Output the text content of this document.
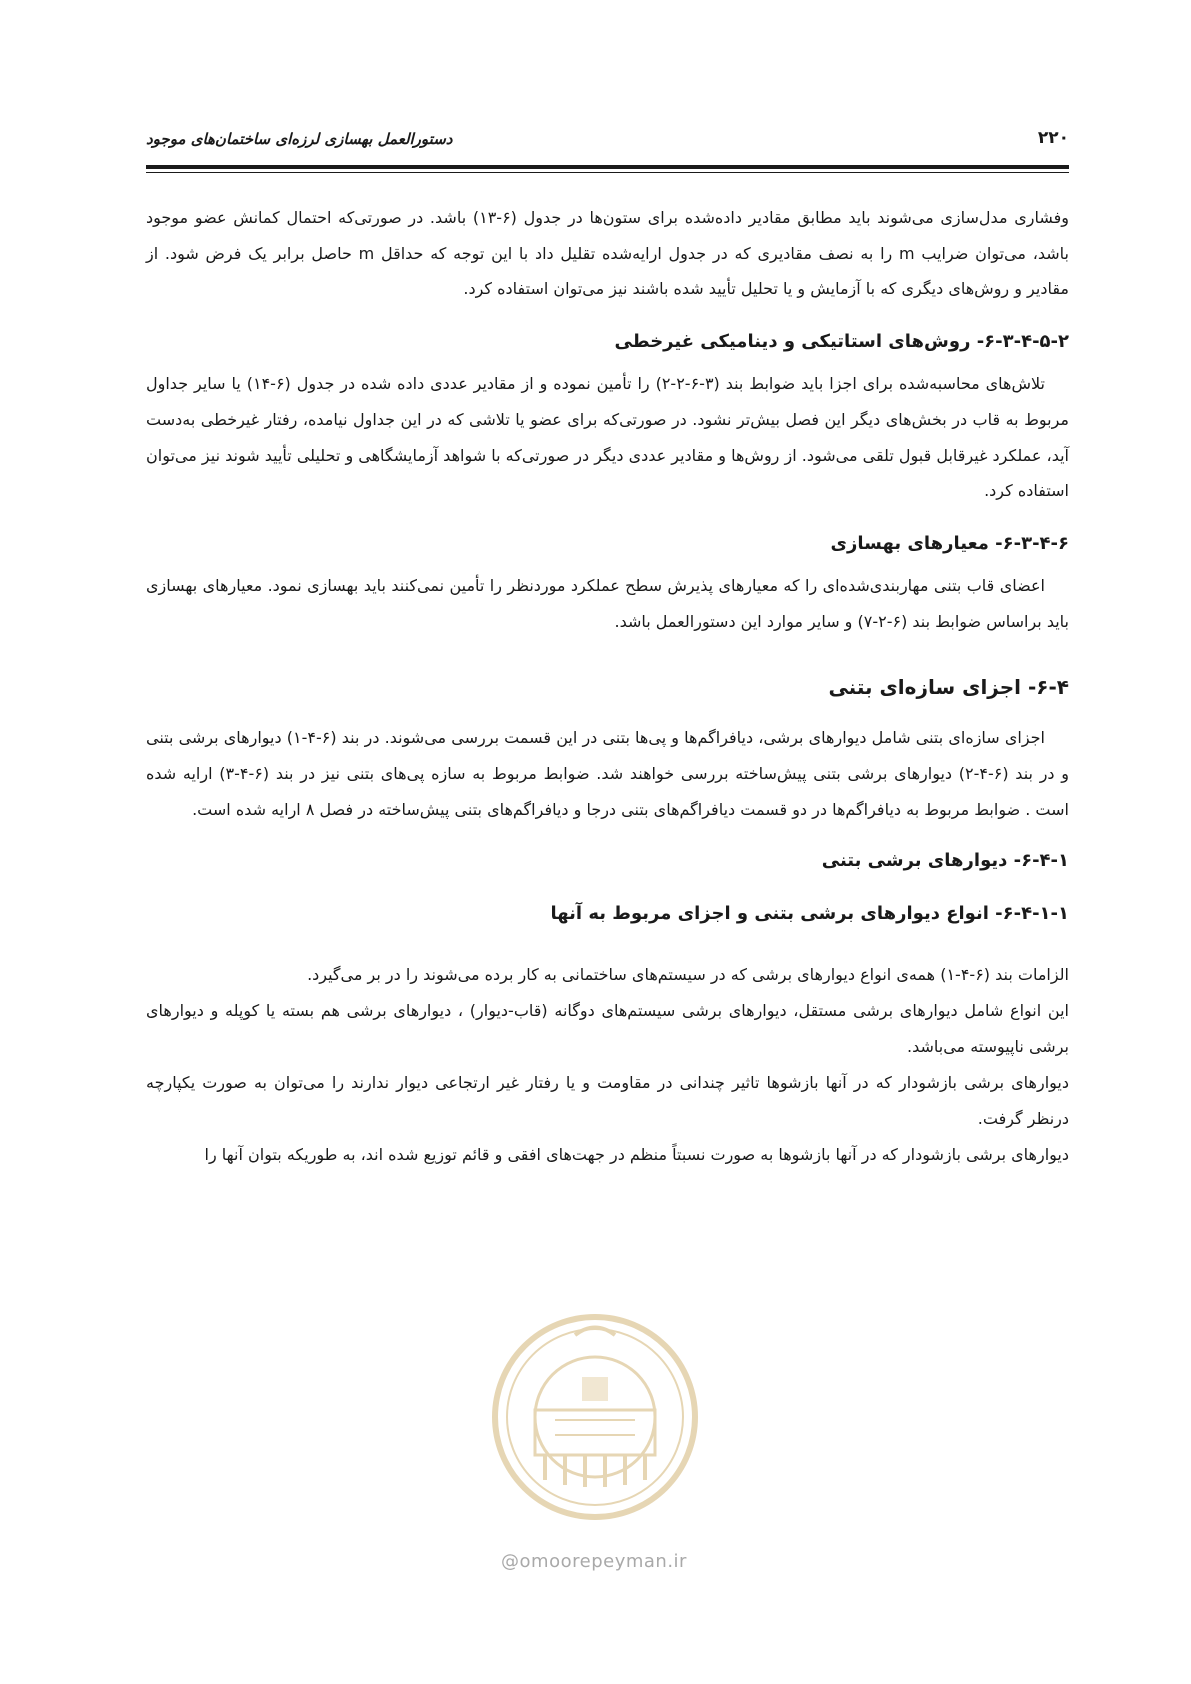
دستورالعمل بهسازی لرزه‌ای ساختمان‌های موجود	۲۲۰

وفشاری مدل‌سازی می‌شوند باید مطابق مقادیر داده‌شده برای ستون‌ها در جدول (۶-۱۳) باشد. در صورتی‌که احتمال کمانش عضو موجود باشد، می‌توان ضرایب m را به نصف مقادیری که در جدول ارایه‌شده تقلیل داد با این توجه که حداقل m حاصل برابر یک فرض شود. از مقادیر و روش‌های دیگری که با آزمایش و یا تحلیل تأیید شده باشند نیز می‌توان استفاده کرد.

۶-۳-۴-۵-۲- روش‌های استاتیکی و دینامیکی غیرخطی

تلاش‌های محاسبه‌شده برای اجزا باید ضوابط بند (۳-۶-۲-۲) را تأمین نموده و از مقادیر عددی داده شده در جدول (۶-۱۴) یا سایر جداول مربوط به قاب در بخش‌های دیگر این فصل بیش‌تر نشود. در صورتی‌که برای عضو یا تلاشی که در این جداول نیامده، رفتار غیرخطی به‌دست آید، عملکرد غیرقابل قبول تلقی می‌شود. از روش‌ها و مقادیر عددی دیگر در صورتی‌که با شواهد آزمایشگاهی و تحلیلی تأیید شوند نیز می‌توان استفاده کرد.

۶-۳-۴-۶- معیارهای بهسازی

اعضای قاب بتنی مهاربندی‌شده‌ای را که معیارهای پذیرش سطح عملکرد موردنظر را تأمین نمی‌کنند باید بهسازی نمود. معیارهای بهسازی باید براساس ضوابط بند (۶-۲-۷) و سایر موارد این دستورالعمل باشد.

۶-۴- اجزای سازه‌ای بتنی

اجزای سازه‌ای بتنی شامل دیوارهای برشی، دیافراگم‌ها و پی‌ها بتنی در این قسمت بررسی می‌شوند. در بند (۶-۴-۱) دیوارهای برشی بتنی و در بند (۶-۴-۲) دیوارهای برشی بتنی پیش‌ساخته بررسی خواهند شد. ضوابط مربوط به سازه پی‌های بتنی نیز در بند (۶-۴-۳) ارایه شده است . ضوابط مربوط به دیافراگم‌ها در دو قسمت دیافراگم‌های بتنی درجا و دیافراگم‌های بتنی پیش‌ساخته در فصل ۸ ارایه شده است.

۶-۴-۱- دیوارهای برشی بتنی
۶-۴-۱-۱- انواع دیوارهای برشی بتنی و اجزای مربوط به آنها

الزامات بند (۶-۴-۱) همه‌ی انواع دیوارهای برشی که در سیستم‌های ساختمانی به کار برده می‌شوند را در بر می‌گیرد.

این انواع شامل دیوارهای برشی مستقل، دیوارهای برشی سیستم‌های دوگانه (قاب-دیوار) ، دیوارهای برشی هم بسته یا کوپله و دیوارهای برشی ناپیوسته می‌باشد.

دیوارهای برشی بازشودار که در آنها بازشوها تاثیر چندانی در مقاومت و یا رفتار غیر ارتجاعی دیوار ندارند را می‌توان به صورت یکپارچه درنظر گرفت.

دیوارهای برشی بازشودار که در آنها بازشوها به صورت نسبتاً منظم در جهت‌های افقی و قائم توزیع شده اند، به طوریکه بتوان آنها را

@omoorepeyman.ir
